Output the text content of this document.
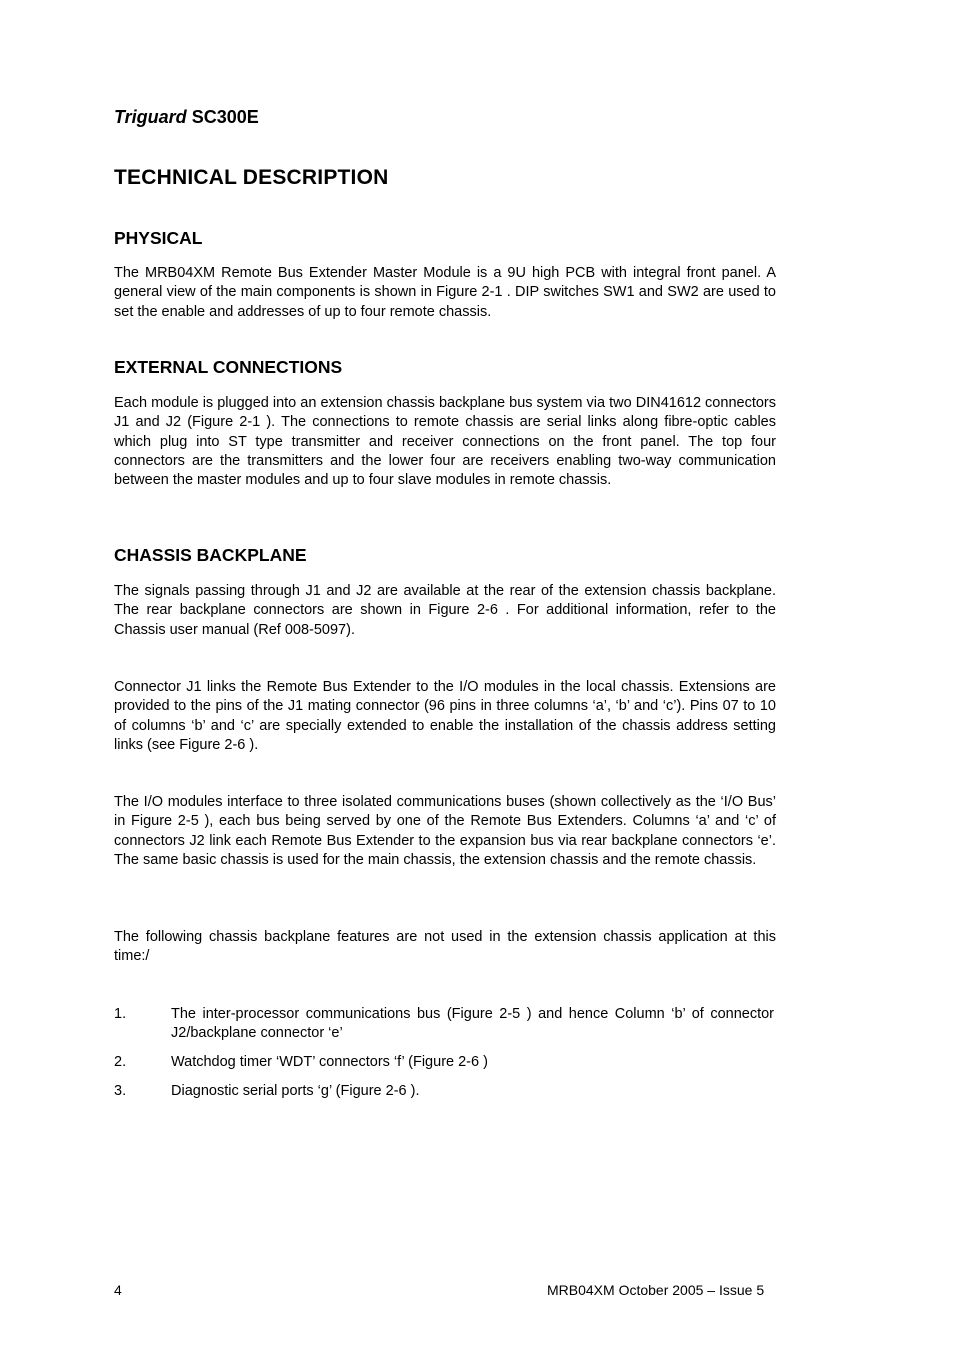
Triguard SC300E
TECHNICAL DESCRIPTION
PHYSICAL
The MRB04XM Remote Bus Extender Master Module is a 9U high PCB with integral front panel. A general view of the main components is shown in Figure 2-1 . DIP switches SW1 and SW2 are used to set the enable and addresses of up to four remote chassis.
EXTERNAL CONNECTIONS
Each module is plugged into an extension chassis backplane bus system via two DIN41612 connectors J1 and J2 (Figure 2-1 ). The connections to remote chassis are serial links along fibre-optic cables which plug into ST type transmitter and receiver connections on the front panel. The top four connectors are the transmitters and the lower four are receivers enabling two-way communication between the master modules and up to four slave modules in remote chassis.
CHASSIS BACKPLANE
The signals passing through J1 and J2 are available at the rear of the extension chassis backplane. The rear backplane connectors are shown in Figure 2-6 . For additional information, refer to the Chassis user manual (Ref 008-5097).
Connector J1 links the Remote Bus Extender to the I/O modules in the local chassis. Extensions are provided to the pins of the J1 mating connector (96 pins in three columns ‘a’, ‘b’ and ‘c’). Pins 07 to 10 of columns ‘b’ and ‘c’ are specially extended to enable the installation of the chassis address setting links (see Figure 2-6 ).
The I/O modules interface to three isolated communications buses (shown collectively as the ‘I/O Bus’ in Figure 2-5 ), each bus being served by one of the Remote Bus Extenders. Columns ‘a’ and ‘c’ of connectors J2 link each Remote Bus Extender to the expansion bus via rear backplane connectors ‘e’. The same basic chassis is used for the main chassis, the extension chassis and the remote chassis.
The following chassis backplane features are not used in the extension chassis application at this time:/
1.	The inter-processor communications bus (Figure 2-5 ) and hence Column ‘b’ of connector J2/backplane connector ‘e’
2.	Watchdog timer ‘WDT’ connectors ‘f’ (Figure 2-6 )
3.	Diagnostic serial ports ‘g’ (Figure 2-6 ).
4	MRB04XM October 2005 – Issue 5
